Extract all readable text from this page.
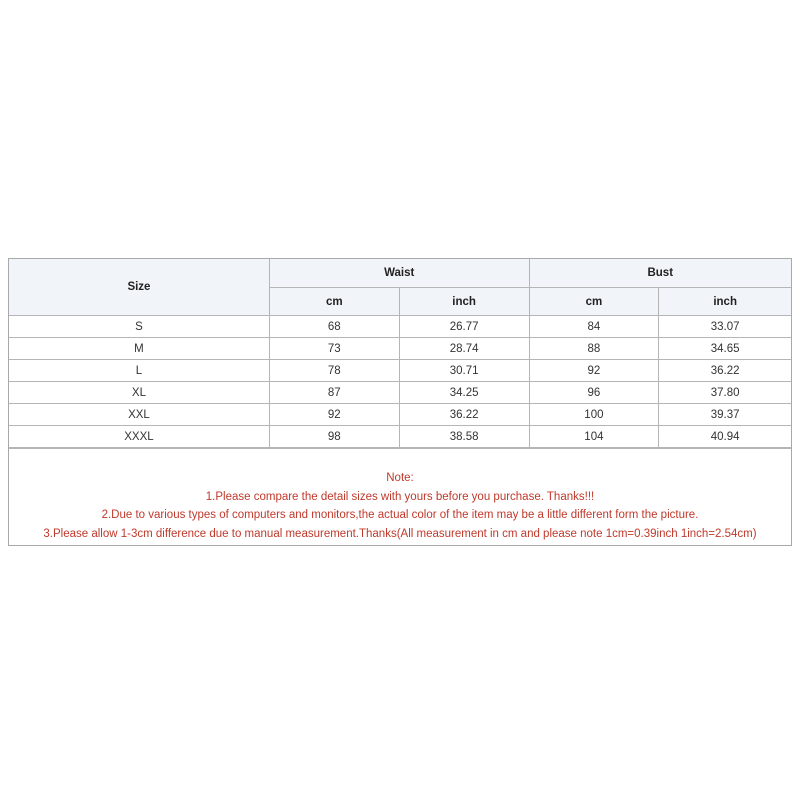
Size	Waist		Bust	
	cm	inch	cm	inch
S	68	26.77	84	33.07
M	73	28.74	88	34.65
L	78	30.71	92	36.22
XL	87	34.25	96	37.80
XXL	92	36.22	100	39.37
XXXL	98	38.58	104	40.94
Note:
1.Please compare the detail sizes with yours before you purchase. Thanks!!!
2.Due to various types of computers and monitors,the actual color of the item may be a little different form the picture.
3.Please allow 1-3cm difference due to manual measurement.Thanks(All measurement in cm and please note 1cm=0.39inch 1inch=2.54cm)
